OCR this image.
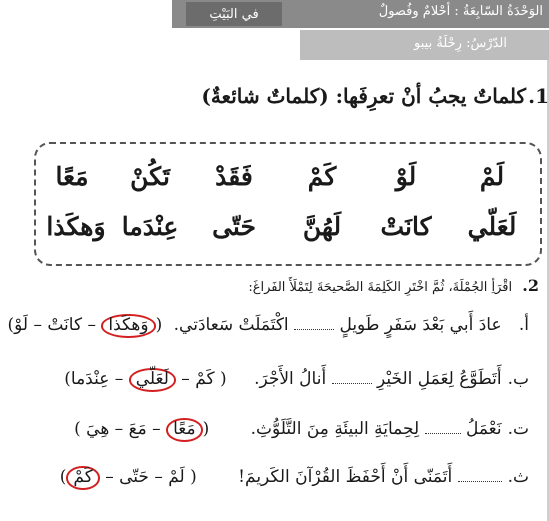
في البَيْتِ	الوَحْدَةُ السّابِعَةُ : أحْلامٌ وفُصولٌ
الدّرْسُ: رِحْلَةُ بيبو
1. كلماتٌ يجبُ أنْ تعرِفَها: (كلماتٌ شائعةٌ)
لَمْ
لَوْ
كَمْ
فَقَدْ
تَكُنْ
مَعًا
لَعَلّي
كانَتْ
لَهُنَّ
حَتّى
عِنْدَما
وَهكَذا
2. اقْرَأِ الجُمْلَةَ، ثُمَّ اخْتَرِ الكَلِمَةَ الصَّحيحَةَ لِتَمْلَأَ الفَراغَ:
أ. عادَ أَبي بَعْدَ سَفَرٍ طَويلٍ  اكْتَمَلَتْ سَعادَتي. (وَهكَذا – كانَتْ – لَوْ)
ب. أَتَطَوَّعُ لِعَمَلِ الخَيْرِ  أَنالُ الأَجْرَ. ( كَمْ – لَعَلّي – عِنْدَما)
ت. نَعْمَلُ  لِحِمايَةِ البيئَةِ مِنَ التَّلَوُّثِ. (مَعًا – مَعَ – هِيَ )
ث.  أَتَمَنّى أَنْ أَحْفَظَ القُرْآنَ الكَريمَ! ( لَمْ – حَتّى – كَمْ)
